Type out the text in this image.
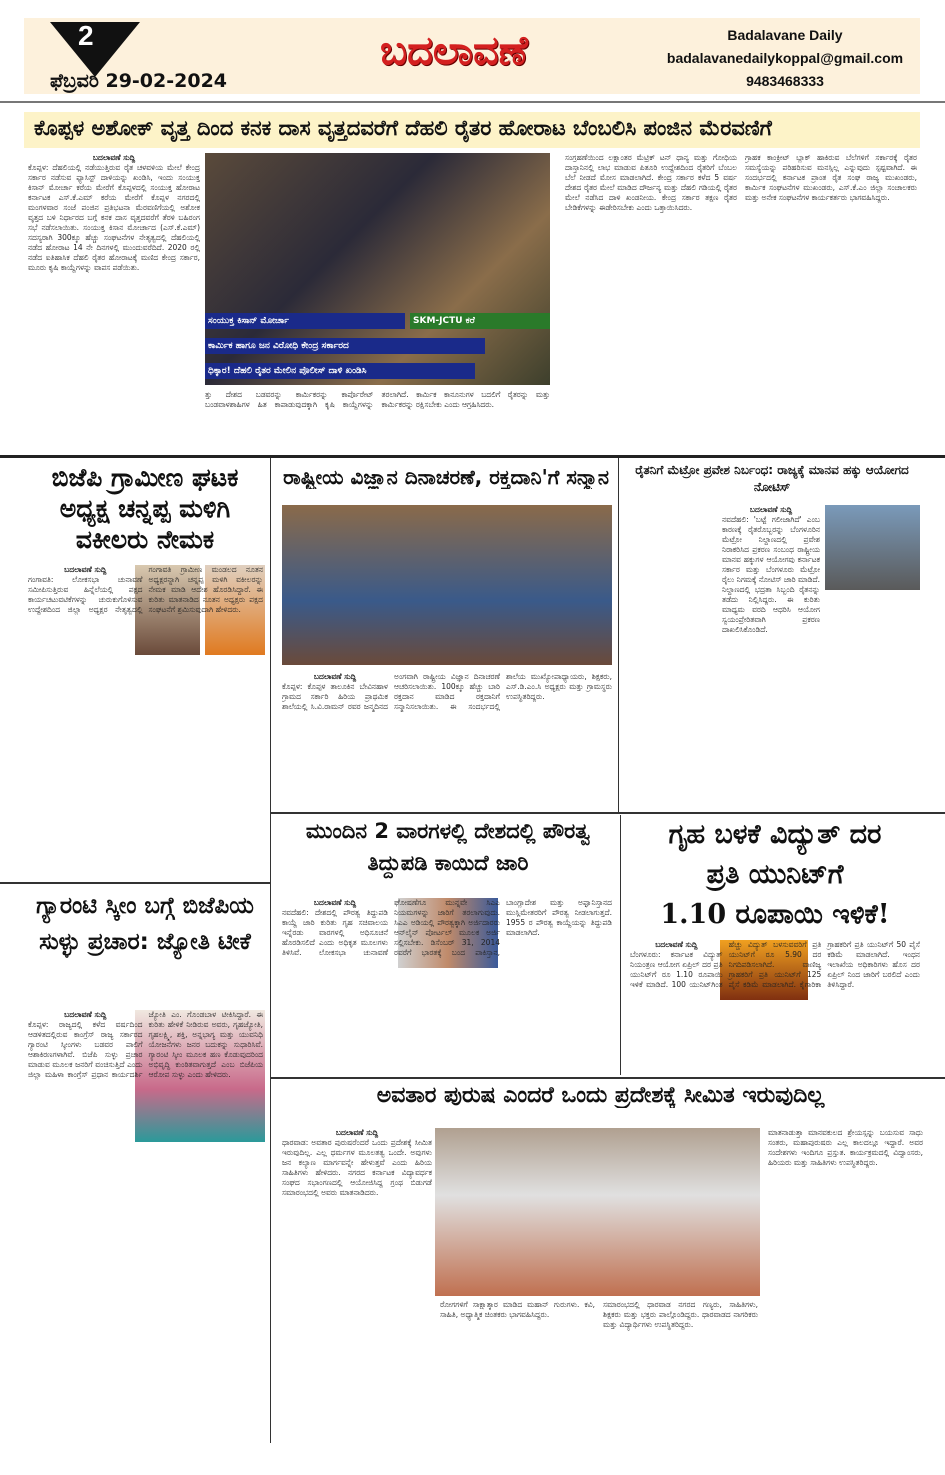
2
ಫೆಬ್ರವರಿ 29-02-2024
ಬದಲಾವಣೆ	Badalavane Daily
badalavanedailykoppal@gmail.com
9483468333
ಕೊಪ್ಪಳ ಅಶೋಕ್ ವೃತ್ತ ದಿಂದ ಕನಕ ದಾಸ ವೃತ್ತದವರೆಗೆ ದೆಹಲಿ ರೈತರ ಹೋರಾಟ ಬೆಂಬಲಿಸಿ ಪಂಜಿನ ಮೆರವಣಿಗೆ
ಬದಲಾವಣೆ ಸುದ್ದಿ
ಕೊಪ್ಪಳ: ದೆಹಲಿಯಲ್ಲಿ ನಡೆಯುತ್ತಿರುವ ರೈತ ಚಳವಳಿಯ ಮೇಲೆ ಕೇಂದ್ರ ಸರ್ಕಾರ ನಡೆಸುವ ಫ್ಯಾಸಿಸ್ಟ್ ದಾಳಿಯನ್ನು ಖಂಡಿಸಿ, ಇಂದು ಸಂಯುಕ್ತ ಕಿಸಾನ್ ಮೋರ್ಚಾ ಕರೆಯ ಮೇರೆಗೆ ಕೊಪ್ಪಳದಲ್ಲಿ ಸಂಯುಕ್ತ ಹೋರಾಟ ಕರ್ನಾಟಕ ಎಸ್.ಕೆ.ಎಮ್ ಕರೆಯ ಮೇರೆಗೆ ಕೊಪ್ಪಳ ನಗರದಲ್ಲಿ ಮಂಗಳವಾರ ಸಂಜೆ ಪಂಜಿನ ಪ್ರತಿಭಟನಾ ಮೆರವಣಿಗೆಯಲ್ಲಿ ಅಶೋಕ ವೃತ್ತದ ಬಳಿ ನಿರ್ಧಾರದ ಬಗ್ಗೆ ಕನಕ ದಾಸ ವೃತ್ತದವರೆಗೆ ತೆರಳಿ ಬಹಿರಂಗ ಸಭೆ ನಡೆಸಲಾಯಿತು. ಸಂಯುಕ್ತ ಕಿಸಾನ ಮೋರ್ಚಾದ (ಎಸ್.ಕೆ.ಎಮ್) ಸದಸ್ಯರಾಗಿ 300ಕ್ಕೂ ಹೆಚ್ಚು ಸಂಘಟನೆಗಳ ನೇತೃತ್ವದಲ್ಲಿ ದೆಹಲಿಯಲ್ಲಿ ನಡೆದ ಹೋರಾಟ 14 ನೇ ದಿನಗಳಲ್ಲಿ ಮುಂದುವರೆದಿದೆ. 2020 ರಲ್ಲಿ ನಡೆದ ಐತಿಹಾಸಿಕ ದೆಹಲಿ ರೈತರ ಹೋರಾಟಕ್ಕೆ ಮಣಿದ ಕೇಂದ್ರ ಸರ್ಕಾರ, ಮೂರು ಕೃಷಿ ಕಾಯ್ದೆಗಳನ್ನು ವಾಪಸ ಪಡೆಯಿತು.
ಸಂಯುಕ್ತ ಕಿಸಾನ್ ಮೋರ್ಚಾ	SKM-JCTU ಕರೆ
ಕಾರ್ಮಿಕ ಹಾಗೂ ಜನ ವಿರೋಧಿ ಕೇಂದ್ರ ಸರ್ಕಾರದ
ಧಿಕ್ಕಾರ! ದೆಹಲಿ ರೈತರ ಮೇಲಿನ ಪೊಲೀಸ್ ದಾಳಿ ಖಂಡಿಸಿ
ತ್ತು ದೇಶದ ಬಡವರನ್ನು ಕಾರ್ಮಿಕರನ್ನು ಕಾರ್ಪೊರೇಟ್ ಬಂಡವಾಳಶಾಹಿಗಳ ಹಿತ ಕಾಪಾಡುವುದಕ್ಕಾಗಿ ಕೃಷಿ ಕಾಯ್ದೆಗಳನ್ನು ತರಲಾಗಿದೆ. ಕಾರ್ಮಿಕ ಕಾನೂನುಗಳ ಬದಲಿಗೆ ರೈತರನ್ನು ಮತ್ತು ಕಾರ್ಮಿಕರನ್ನು ರಕ್ಷಿಸಬೇಕು ಎಂದು ಆಗ್ರಹಿಸಿದರು.
ಸಂಗ್ರಹಣೆಯಿಂದ ಲಕ್ಷಾಂತರ ಮೆಟ್ರಿಕ್ ಟನ್ ಧಾನ್ಯ ಮತ್ತು ಗೋಧಿಯ ದಾಸ್ತಾನಿನಲ್ಲಿ ಲಾಭ ಮಾಡುವ ಪಿತೂರಿ ಉದ್ದೇಶದಿಂದ ರೈತರಿಗೆ ಬೆಂಬಲ ಬೆಲೆ ನೀಡದೆ ಮೋಸ ಮಾಡಲಾಗಿದೆ. ಕೇಂದ್ರ ಸರ್ಕಾರ ಕಳೆದ 5 ವರ್ಷ ದೇಶದ ರೈತರ ಮೇಲೆ ಮಾಡಿದ ದೌರ್ಜನ್ಯ ಮತ್ತು ದೆಹಲಿ ಗಡಿಯಲ್ಲಿ ರೈತರ ಮೇಲೆ ನಡೆಸಿದ ದಾಳಿ ಖಂಡನೀಯ. ಕೇಂದ್ರ ಸರ್ಕಾರ ತಕ್ಷಣ ರೈತರ ಬೇಡಿಕೆಗಳನ್ನು ಈಡೇರಿಸಬೇಕು ಎಂದು ಒತ್ತಾಯಿಸಿದರು.
ಗ್ರಾಹಕ ಕಾಂಕ್ರೀಟ್ ಬ್ಲಾಕ್ ಹಾಕಿರುವ ಬೆಲೆಗಳಿಗೆ ಸರ್ಕಾರಕ್ಕೆ ರೈತರ ಸಮಸ್ಯೆಯನ್ನು ಪರಿಹರಿಸುವ ಮನಸ್ಸಿಲ್ಲ ಎನ್ನುವುದು ಸ್ಪಷ್ಟವಾಗಿದೆ. ಈ ಸಂದರ್ಭದಲ್ಲಿ ಕರ್ನಾಟಕ ಪ್ರಾಂತ ರೈತ ಸಂಘ ರಾಜ್ಯ ಮುಖಂಡರು, ಕಾರ್ಮಿಕ ಸಂಘಟನೆಗಳ ಮುಖಂಡರು, ಎಸ್.ಕೆ.ಎಂ ಜಿಲ್ಲಾ ಸಂಚಾಲಕರು ಮತ್ತು ಅನೇಕ ಸಂಘಟನೆಗಳ ಕಾರ್ಯಕರ್ತರು ಭಾಗವಹಿಸಿದ್ದರು.
ಬಿಜೆಪಿ ಗ್ರಾಮೀಣ ಘಟಕ ಅಧ್ಯಕ್ಷ ಚನ್ನಪ್ಪ ಮಳಿಗಿ ವಕೀಲರು ನೇಮಕ
ಬದಲಾವಣೆ ಸುದ್ದಿ
ಗಂಗಾವತಿ: ಲೋಕಸಭಾ ಚುನಾವಣೆ ಸಮೀಪಿಸುತ್ತಿರುವ ಹಿನ್ನೆಲೆಯಲ್ಲಿ ಪಕ್ಷದ ಕಾರ್ಯಚಟುವಟಿಕೆಗಳನ್ನು ಚುರುಕುಗೊಳಿಸುವ ಉದ್ದೇಶದಿಂದ ಜಿಲ್ಲಾ ಅಧ್ಯಕ್ಷರ ನೇತೃತ್ವದಲ್ಲಿ ಗಂಗಾವತಿ ಗ್ರಾಮೀಣ ಮಂಡಲದ ನೂತನ ಅಧ್ಯಕ್ಷರನ್ನಾಗಿ ಚನ್ನಪ್ಪ ಮಳಿಗಿ ವಕೀಲರನ್ನು ನೇಮಕ ಮಾಡಿ ಆದೇಶ ಹೊರಡಿಸಿದ್ದಾರೆ. ಈ ಕುರಿತು ಮಾತನಾಡಿದ ನೂತನ ಅಧ್ಯಕ್ಷರು ಪಕ್ಷದ ಸಂಘಟನೆಗೆ ಶ್ರಮಿಸುವುದಾಗಿ ಹೇಳಿದರು.
ಗ್ಯಾರಂಟಿ ಸ್ಕೀಂ ಬಗ್ಗೆ ಬಿಜೆಪಿಯ ಸುಳ್ಳು ಪ್ರಚಾರ: ಜ್ಯೋತಿ ಟೀಕೆ
ಬದಲಾವಣೆ ಸುದ್ದಿ
ಕೊಪ್ಪಳ: ರಾಜ್ಯದಲ್ಲಿ ಕಳೆದ ವರ್ಷದಿಂದ ಆಡಳಿತದಲ್ಲಿರುವ ಕಾಂಗ್ರೆಸ್ ರಾಜ್ಯ ಸರ್ಕಾರದ ಗ್ಯಾರಂಟಿ ಸ್ಕೀಂಗಳು ಬಡವರ ಪಾಲಿಗೆ ಆಶಾಕಿರಣಗಳಾಗಿವೆ. ಬಿಜೆಪಿ ಸುಳ್ಳು ಪ್ರಚಾರ ಮಾಡುವ ಮೂಲಕ ಜನರಿಗೆ ವಂಚಿಸುತ್ತಿದೆ ಎಂದು ಜಿಲ್ಲಾ ಮಹಿಳಾ ಕಾಂಗ್ರೆಸ್ ಪ್ರಧಾನ ಕಾರ್ಯದರ್ಶಿ ಜ್ಯೋತಿ ಎಂ. ಗೊಂಡಬಾಳ ಟೀಕಿಸಿದ್ದಾರೆ. ಈ ಕುರಿತು ಹೇಳಿಕೆ ನೀಡಿರುವ ಅವರು, ಗೃಹಜ್ಯೋತಿ, ಗೃಹಲಕ್ಷ್ಮಿ, ಶಕ್ತಿ, ಅನ್ನಭಾಗ್ಯ ಮತ್ತು ಯುವನಿಧಿ ಯೋಜನೆಗಳು ಜನರ ಬದುಕನ್ನು ಸುಧಾರಿಸಿವೆ. ಗ್ಯಾರಂಟಿ ಸ್ಕೀಂ ಮೂಲಕ ಹಣ ಕೊಡುವುದರಿಂದ ಅಭಿವೃದ್ಧಿ ಕುಂಠಿತವಾಗುತ್ತದೆ ಎಂಬ ಬಿಜೆಪಿಯ ಆರೋಪ ಸುಳ್ಳು ಎಂದು ಹೇಳಿದರು.
ರಾಷ್ಟ್ರೀಯ ವಿಜ್ಞಾನ ದಿನಾಚರಣೆ, ರಕ್ತದಾನಿ'ಗೆ ಸನ್ಮಾನ
ಬದಲಾವಣೆ ಸುದ್ದಿ
ಕೊಪ್ಪಳ: ಕೊಪ್ಪಳ ತಾಲೂಕಿನ ಬೇವಿನಹಾಳ ಗ್ರಾಮದ ಸರ್ಕಾರಿ ಹಿರಿಯ ಪ್ರಾಥಮಿಕ ಶಾಲೆಯಲ್ಲಿ ಸಿ.ವಿ.ರಾಮನ್ ರವರ ಜನ್ಮದಿನದ ಅಂಗವಾಗಿ ರಾಷ್ಟ್ರೀಯ ವಿಜ್ಞಾನ ದಿನಾಚರಣೆ ಆಚರಿಸಲಾಯಿತು. 100ಕ್ಕೂ ಹೆಚ್ಚು ಬಾರಿ ರಕ್ತದಾನ ಮಾಡಿದ ರಕ್ತದಾನಿಗೆ ಸನ್ಮಾನಿಸಲಾಯಿತು. ಈ ಸಂದರ್ಭದಲ್ಲಿ ಶಾಲೆಯ ಮುಖ್ಯೋಪಾಧ್ಯಾಯರು, ಶಿಕ್ಷಕರು, ಎಸ್.ಡಿ.ಎಂ.ಸಿ ಅಧ್ಯಕ್ಷರು ಮತ್ತು ಗ್ರಾಮಸ್ಥರು ಉಪಸ್ಥಿತರಿದ್ದರು.
ರೈತನಿಗೆ ಮೆಟ್ರೋ ಪ್ರವೇಶ ನಿರ್ಬಂಧ: ರಾಜ್ಯಕ್ಕೆ ಮಾನವ ಹಕ್ಕು ಆಯೋಗದ ನೋಟಿಸ್
ಬದಲಾವಣೆ ಸುದ್ದಿ
ನವದೆಹಲಿ: 'ಬಟ್ಟೆ ಗಲೀಜಾಗಿದೆ' ಎಂಬ ಕಾರಣಕ್ಕೆ ರೈತರೊಬ್ಬರನ್ನು ಬೆಂಗಳೂರಿನ ಮೆಟ್ರೋ ನಿಲ್ದಾಣದಲ್ಲಿ ಪ್ರವೇಶ ನಿರಾಕರಿಸಿದ ಪ್ರಕರಣ ಸಂಬಂಧ ರಾಷ್ಟ್ರೀಯ ಮಾನವ ಹಕ್ಕುಗಳ ಆಯೋಗವು ಕರ್ನಾಟಕ ಸರ್ಕಾರ ಮತ್ತು ಬೆಂಗಳೂರು ಮೆಟ್ರೋ ರೈಲು ನಿಗಮಕ್ಕೆ ನೋಟಿಸ್ ಜಾರಿ ಮಾಡಿದೆ. ನಿಲ್ದಾಣದಲ್ಲಿ ಭದ್ರತಾ ಸಿಬ್ಬಂದಿ ರೈತನನ್ನು ತಡೆದು ನಿಲ್ಲಿಸಿದ್ದರು. ಈ ಕುರಿತು ಮಾಧ್ಯಮ ವರದಿ ಆಧರಿಸಿ ಆಯೋಗ ಸ್ವಯಂಪ್ರೇರಿತವಾಗಿ ಪ್ರಕರಣ ದಾಖಲಿಸಿಕೊಂಡಿದೆ.
ಮುಂದಿನ 2 ವಾರಗಳಲ್ಲಿ ದೇಶದಲ್ಲಿ ಪೌರತ್ವ ತಿದ್ದುಪಡಿ ಕಾಯಿದೆ ಜಾರಿ
ಬದಲಾವಣೆ ಸುದ್ದಿ
ನವದೆಹಲಿ: ದೇಶದಲ್ಲಿ ಪೌರತ್ವ ತಿದ್ದುಪಡಿ ಕಾಯ್ದೆ ಜಾರಿ ಕುರಿತು ಗೃಹ ಸಚಿವಾಲಯ ಇನ್ನೆರಡು ವಾರಗಳಲ್ಲಿ ಅಧಿಸೂಚನೆ ಹೊರಡಿಸಲಿದೆ ಎಂದು ಅಧಿಕೃತ ಮೂಲಗಳು ತಿಳಿಸಿವೆ. ಲೋಕಸಭಾ ಚುನಾವಣೆ ಘೋಷಣೆಗೂ ಮುನ್ನವೇ ಸಿಎಎ ನಿಯಮಗಳನ್ನು ಜಾರಿಗೆ ತರಲಾಗುವುದು. ಸಿಎಎ ಅಡಿಯಲ್ಲಿ ಪೌರತ್ವಕ್ಕಾಗಿ ಅರ್ಜಿದಾರರು ಆನ್‌ಲೈನ್ ಪೋರ್ಟಲ್ ಮೂಲಕ ಅರ್ಜಿ ಸಲ್ಲಿಸಬೇಕು. ಡಿಸೆಂಬರ್ 31, 2014 ರವರೆಗೆ ಭಾರತಕ್ಕೆ ಬಂದ ಪಾಕಿಸ್ತಾನ, ಬಾಂಗ್ಲಾದೇಶ ಮತ್ತು ಅಫ್ಘಾನಿಸ್ತಾನದ ಮುಸ್ಲಿಮೇತರರಿಗೆ ಪೌರತ್ವ ನೀಡಲಾಗುತ್ತದೆ. 1955 ರ ಪೌರತ್ವ ಕಾಯ್ದೆಯನ್ನು ತಿದ್ದುಪಡಿ ಮಾಡಲಾಗಿದೆ.
ಗೃಹ ಬಳಕೆ ವಿದ್ಯುತ್ ದರ
ಪ್ರತಿ ಯುನಿಟ್‌ಗೆ
1.10 ರೂಪಾಯಿ ಇಳಿಕೆ!
ಬದಲಾವಣೆ ಸುದ್ದಿ
ಬೆಂಗಳೂರು: ಕರ್ನಾಟಕ ವಿದ್ಯುತ್ ನಿಯಂತ್ರಣ ಆಯೋಗ ಏಪ್ರಿಲ್ ದರ ಪ್ರತಿ ಯುನಿಟ್‌ಗೆ ರೂ 1.10 ರೂಪಾಯಿ ಇಳಿಕೆ ಮಾಡಿದೆ. 100 ಯುನಿಟ್‌ಗಿಂತ ಹೆಚ್ಚು ವಿದ್ಯುತ್ ಬಳಸುವವರಿಗೆ ಪ್ರತಿ ಯುನಿಟ್‌ಗೆ ರೂ 5.90 ದರ ನಿಗದಿಪಡಿಸಲಾಗಿದೆ. ವಾಣಿಜ್ಯ ಗ್ರಾಹಕರಿಗೆ ಪ್ರತಿ ಯುನಿಟ್‌ಗೆ 125 ಪೈಸೆ ಕಡಿಮೆ ಮಾಡಲಾಗಿದೆ. ಕೈಗಾರಿಕಾ ಗ್ರಾಹಕರಿಗೆ ಪ್ರತಿ ಯುನಿಟ್‌ಗೆ 50 ಪೈಸೆ ಕಡಿಮೆ ಮಾಡಲಾಗಿದೆ. ಇಂಧನ ಇಲಾಖೆಯ ಅಧಿಕಾರಿಗಳು ಹೊಸ ದರ ಏಪ್ರಿಲ್ ನಿಂದ ಜಾರಿಗೆ ಬರಲಿದೆ ಎಂದು ತಿಳಿಸಿದ್ದಾರೆ.
ಅವತಾರ ಪುರುಷ ಎಂದರೆ ಒಂದು ಪ್ರದೇಶಕ್ಕೆ ಸೀಮಿತ ಇರುವುದಿಲ್ಲ
ಬದಲಾವಣೆ ಸುದ್ದಿ
ಧಾರವಾಡ: ಅವತಾರ ಪುರುಷರೆಂದರೆ ಒಂದು ಪ್ರದೇಶಕ್ಕೆ ಸೀಮಿತ ಇರುವುದಿಲ್ಲ. ಎಲ್ಲ ಧರ್ಮಗಳ ಮೂಲತತ್ವ ಒಂದೇ. ಅವುಗಳು ಜನ ಕಲ್ಯಾಣ ಮಾರ್ಗವನ್ನೇ ಹೇಳುತ್ತವೆ ಎಂದು ಹಿರಿಯ ಸಾಹಿತಿಗಳು ಹೇಳಿದರು. ನಗರದ ಕರ್ನಾಟಕ ವಿದ್ಯಾವರ್ಧಕ ಸಂಘದ ಸಭಾಂಗಣದಲ್ಲಿ ಆಯೋಜಿಸಿದ್ದ ಗ್ರಂಥ ಬಿಡುಗಡೆ ಸಮಾರಂಭದಲ್ಲಿ ಅವರು ಮಾತನಾಡಿದರು.
ರೋಗಗಳಿಗೆ ಸಾಕ್ಷಾತ್ಕಾರ ಮಾಡಿದ ಮಹಾನ್ ಗುರುಗಳು. ಕವಿ, ಸಾಹಿತಿ, ಅಧ್ಯಾತ್ಮಿಕ ಚಿಂತಕರು ಭಾಗವಹಿಸಿದ್ದರು.
ಸಮಾರಂಭದಲ್ಲಿ ಧಾರವಾಡ ನಗರದ ಗಣ್ಯರು, ಸಾಹಿತಿಗಳು, ಶಿಕ್ಷಕರು ಮತ್ತು ಭಕ್ತರು ಪಾಲ್ಗೊಂಡಿದ್ದರು. ಧಾರವಾಡದ ನಾಗರಿಕರು ಮತ್ತು ವಿದ್ಯಾರ್ಥಿಗಳು ಉಪಸ್ಥಿತರಿದ್ದರು.
ಮಾತನಾಡುತ್ತಾ ಮಾನವಕುಲದ ಶ್ರೇಯಸ್ಸನ್ನು ಬಯಸುವ ಸಾಧು ಸಂತರು, ಮಹಾಪುರುಷರು ಎಲ್ಲ ಕಾಲದಲ್ಲೂ ಇದ್ದಾರೆ. ಅವರ ಸಂದೇಶಗಳು ಇಂದಿಗೂ ಪ್ರಸ್ತುತ. ಕಾರ್ಯಕ್ರಮದಲ್ಲಿ ವಿದ್ವಾಂಸರು, ಹಿರಿಯರು ಮತ್ತು ಸಾಹಿತಿಗಳು ಉಪಸ್ಥಿತರಿದ್ದರು.
